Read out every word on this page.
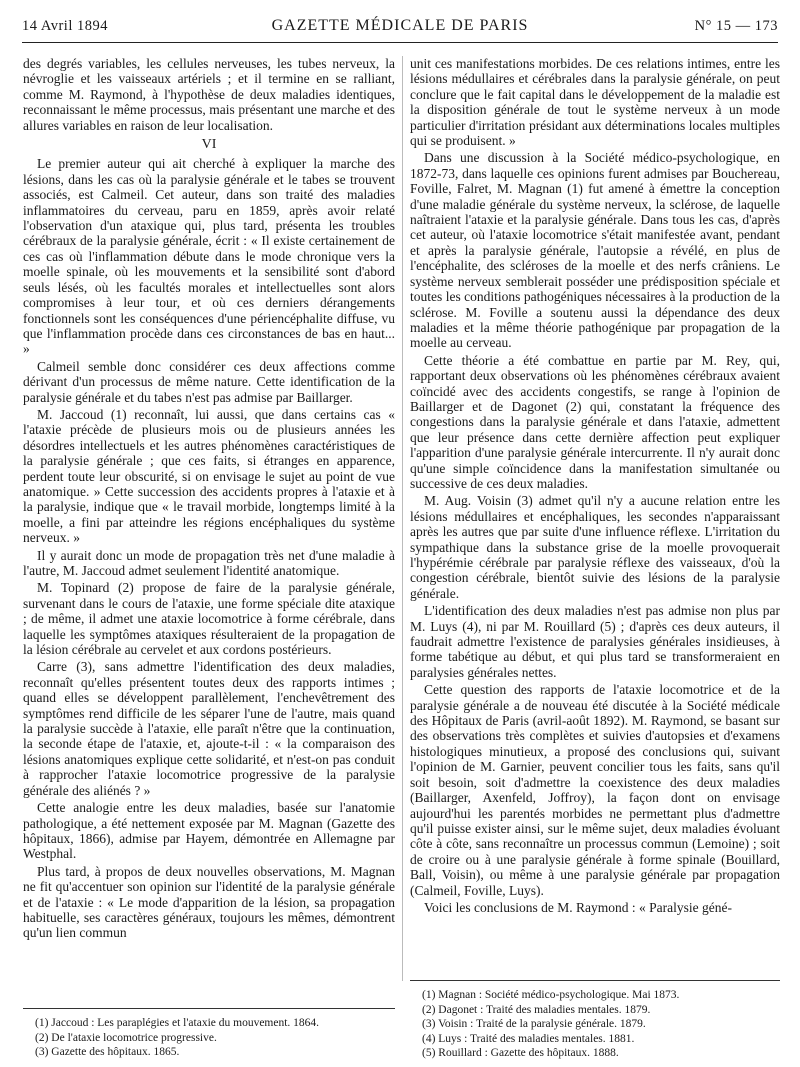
14 Avril 1894	GAZETTE MÉDICALE DE PARIS	N° 15 — 173

des degrés variables, les cellules nerveuses, les tubes nerveux, la névroglie et les vaisseaux artériels ; et il termine en se ralliant, comme M. Raymond, à l'hypothèse de deux maladies identiques, reconnaissant le même processus, mais présentant une marche et des allures variables en raison de leur localisation.

VI

Le premier auteur qui ait cherché à expliquer la marche des lésions, dans les cas où la paralysie générale et le tabes se trouvent associés, est Calmeil. Cet auteur, dans son traité des maladies inflammatoires du cerveau, paru en 1859, après avoir relaté l'observation d'un ataxique qui, plus tard, présenta les troubles cérébraux de la paralysie générale, écrit : « Il existe certainement de ces cas où l'inflammation débute dans le mode chronique vers la moelle spinale, où les mouvements et la sensibilité sont d'abord seuls lésés, où les facultés morales et intellectuelles sont alors compromises à leur tour, et où ces derniers dérangements fonctionnels sont les conséquences d'une périencéphalite diffuse, vu que l'inflammation procède dans ces circonstances de bas en haut... »

Calmeil semble donc considérer ces deux affections comme dérivant d'un processus de même nature. Cette identification de la paralysie générale et du tabes n'est pas admise par Baillarger.

M. Jaccoud (1) reconnaît, lui aussi, que dans certains cas « l'ataxie précède de plusieurs mois ou de plusieurs années les désordres intellectuels et les autres phénomènes caractéristiques de la paralysie générale ; que ces faits, si étranges en apparence, perdent toute leur obscurité, si on envisage le sujet au point de vue anatomique. » Cette succession des accidents propres à l'ataxie et à la paralysie, indique que « le travail morbide, longtemps limité à la moelle, a fini par atteindre les régions encéphaliques du système nerveux. »

Il y aurait donc un mode de propagation très net d'une maladie à l'autre, M. Jaccoud admet seulement l'identité anatomique.

M. Topinard (2) propose de faire de la paralysie générale, survenant dans le cours de l'ataxie, une forme spéciale dite ataxique ; de même, il admet une ataxie locomotrice à forme cérébrale, dans laquelle les symptômes ataxiques résulteraient de la propagation de la lésion cérébrale au cervelet et aux cordons postérieurs.

Carre (3), sans admettre l'identification des deux maladies, reconnaît qu'elles présentent toutes deux des rapports intimes ; quand elles se développent parallèlement, l'enchevêtrement des symptômes rend difficile de les séparer l'une de l'autre, mais quand la paralysie succède à l'ataxie, elle paraît n'être que la continuation, la seconde étape de l'ataxie, et, ajoute-t-il : « la comparaison des lésions anatomiques explique cette solidarité, et n'est-on pas conduit à rapprocher l'ataxie locomotrice progressive de la paralysie générale des aliénés ? »

Cette analogie entre les deux maladies, basée sur l'anatomie pathologique, a été nettement exposée par M. Magnan (Gazette des hôpitaux, 1866), admise par Hayem, démontrée en Allemagne par Westphal.

Plus tard, à propos de deux nouvelles observations, M. Magnan ne fit qu'accentuer son opinion sur l'identité de la paralysie générale et de l'ataxie : « Le mode d'apparition de la lésion, sa propagation habituelle, ses caractères généraux, toujours les mêmes, démontrent qu'un lien commun

unit ces manifestations morbides. De ces relations intimes, entre les lésions médullaires et cérébrales dans la paralysie générale, on peut conclure que le fait capital dans le développement de la maladie est la disposition générale de tout le système nerveux à un mode particulier d'irritation présidant aux déterminations locales multiples qui se produisent. »

Dans une discussion à la Société médico-psychologique, en 1872-73, dans laquelle ces opinions furent admises par Bouchereau, Foville, Falret, M. Magnan (1) fut amené à émettre la conception d'une maladie générale du système nerveux, la sclérose, de laquelle naîtraient l'ataxie et la paralysie générale. Dans tous les cas, d'après cet auteur, où l'ataxie locomotrice s'était manifestée avant, pendant et après la paralysie générale, l'autopsie a révélé, en plus de l'encéphalite, des scléroses de la moelle et des nerfs crâniens. Le système nerveux semblerait posséder une prédisposition spéciale et toutes les conditions pathogéniques nécessaires à la production de la sclérose. M. Foville a soutenu aussi la dépendance des deux maladies et la même théorie pathogénique par propagation de la moelle au cerveau.

Cette théorie a été combattue en partie par M. Rey, qui, rapportant deux observations où les phénomènes cérébraux avaient coïncidé avec des accidents congestifs, se range à l'opinion de Baillarger et de Dagonet (2) qui, constatant la fréquence des congestions dans la paralysie générale et dans l'ataxie, admettent que leur présence dans cette dernière affection peut expliquer l'apparition d'une paralysie générale intercurrente. Il n'y aurait donc qu'une simple coïncidence dans la manifestation simultanée ou successive de ces deux maladies.

M. Aug. Voisin (3) admet qu'il n'y a aucune relation entre les lésions médullaires et encéphaliques, les secondes n'apparaissant après les autres que par suite d'une influence réflexe. L'irritation du sympathique dans la substance grise de la moelle provoquerait l'hypérémie cérébrale par paralysie réflexe des vaisseaux, d'où la congestion cérébrale, bientôt suivie des lésions de la paralysie générale.

L'identification des deux maladies n'est pas admise non plus par M. Luys (4), ni par M. Rouillard (5) ; d'après ces deux auteurs, il faudrait admettre l'existence de paralysies générales insidieuses, à forme tabétique au début, et qui plus tard se transformeraient en paralysies générales nettes.

Cette question des rapports de l'ataxie locomotrice et de la paralysie générale a de nouveau été discutée à la Société médicale des Hôpitaux de Paris (avril-août 1892). M. Raymond, se basant sur des observations très complètes et suivies d'autopsies et d'examens histologiques minutieux, a proposé des conclusions qui, suivant l'opinion de M. Garnier, peuvent concilier tous les faits, sans qu'il soit besoin, soit d'admettre la coexistence des deux maladies (Baillarger, Axenfeld, Joffroy), la façon dont on envisage aujourd'hui les parentés morbides ne permettant plus d'admettre qu'il puisse exister ainsi, sur le même sujet, deux maladies évoluant côte à côte, sans reconnaître un processus commun (Lemoine) ; soit de croire ou à une paralysie générale à forme spinale (Bouillard, Ball, Voisin), ou même à une paralysie générale par propagation (Calmeil, Foville, Luys).

Voici les conclusions de M. Raymond : « Paralysie géné-

(1) Jaccoud : Les paraplégies et l'ataxie du mouvement. 1864.
(2) De l'ataxie locomotrice progressive.
(3) Gazette des hôpitaux. 1865.
(1) Magnan : Société médico-psychologique. Mai 1873.
(2) Dagonet : Traité des maladies mentales. 1879.
(3) Voisin : Traité de la paralysie générale. 1879.
(4) Luys : Traité des maladies mentales. 1881.
(5) Rouillard : Gazette des hôpitaux. 1888.
